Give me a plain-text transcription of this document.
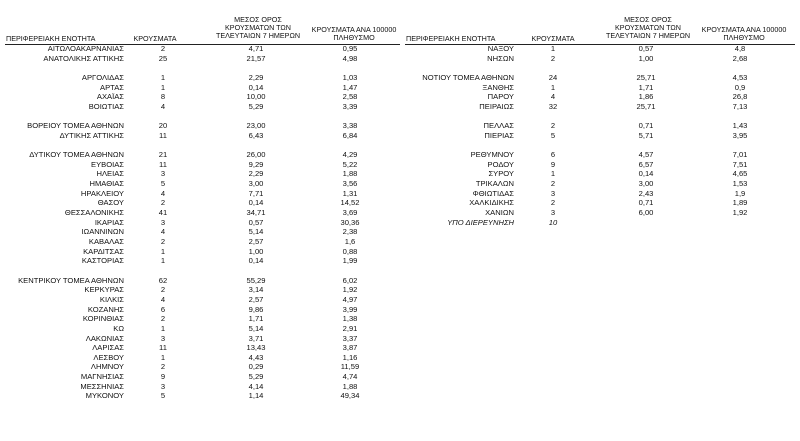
ΠΕΡΙΦΕΡΕΙΑΚΗ ΕΝΟΤΗΤΑ	ΚΡΟΥΣΜΑΤΑ
ΜΕΣΟΣ ΟΡΟΣ ΚΡΟΥΣΜΑΤΩΝ ΤΩΝ ΤΕΛΕΥΤΑΙΩΝ 7 ΗΜΕΡΩΝ
ΚΡΟΥΣΜΑΤΑ ΑΝΑ 100000 ΠΛΗΘΥΣΜΟ	ΠΕΡΙΦΕΡΕΙΑΚΗ ΕΝΟΤΗΤΑ	ΚΡΟΥΣΜΑΤΑ
ΜΕΣΟΣ ΟΡΟΣ ΚΡΟΥΣΜΑΤΩΝ ΤΩΝ ΤΕΛΕΥΤΑΙΩΝ 7 ΗΜΕΡΩΝ
ΚΡΟΥΣΜΑΤΑ ΑΝΑ 100000 ΠΛΗΘΥΣΜΟ
ΑΙΤΩΛΟΑΚΑΡΝΑΝΙΑΣ	2	4,71	0,95
ΑΝΑΤΟΛΙΚΗΣ ΑΤΤΙΚΗΣ	25	21,57	4,98
ΑΡΓΟΛΙΔΑΣ	1	2,29	1,03
ΑΡΤΑΣ	1	0,14	1,47
ΑΧΑΪΑΣ	8	10,00	2,58
ΒΟΙΩΤΙΑΣ	4	5,29	3,39
ΒΟΡΕΙΟΥ ΤΟΜΕΑ ΑΘΗΝΩΝ	20	23,00	3,38
ΔΥΤΙΚΗΣ ΑΤΤΙΚΗΣ	11	6,43	6,84
ΔΥΤΙΚΟΥ ΤΟΜΕΑ ΑΘΗΝΩΝ	21	26,00	4,29
ΕΥΒΟΙΑΣ	11	9,29	5,22
ΗΛΕΙΑΣ	3	2,29	1,88
ΗΜΑΘΙΑΣ	5	3,00	3,56
ΗΡΑΚΛΕΙΟΥ	4	7,71	1,31
ΘΑΣΟΥ	2	0,14	14,52
ΘΕΣΣΑΛΟΝΙΚΗΣ	41	34,71	3,69
ΙΚΑΡΙΑΣ	3	0,57	30,36
ΙΩΑΝΝΙΝΩΝ	4	5,14	2,38
ΚΑΒΑΛΑΣ	2	2,57	1,6
ΚΑΡΔΙΤΣΑΣ	1	1,00	0,88
ΚΑΣΤΟΡΙΑΣ	1	0,14	1,99
ΚΕΝΤΡΙΚΟΥ ΤΟΜΕΑ ΑΘΗΝΩΝ	62	55,29	6,02
ΚΕΡΚΥΡΑΣ	2	3,14	1,92
ΚΙΛΚΙΣ	4	2,57	4,97
ΚΟΖΑΝΗΣ	6	9,86	3,99
ΚΟΡΙΝΘΙΑΣ	2	1,71	1,38
ΚΩ	1	5,14	2,91
ΛΑΚΩΝΙΑΣ	3	3,71	3,37
ΛΑΡΙΣΑΣ	11	13,43	3,87
ΛΕΣΒΟΥ	1	4,43	1,16
ΛΗΜΝΟΥ	2	0,29	11,59
ΜΑΓΝΗΣΙΑΣ	9	5,29	4,74
ΜΕΣΣΗΝΙΑΣ	3	4,14	1,88
ΜΥΚΟΝΟΥ	5	1,14	49,34
ΝΑΞΟΥ	1	0,57	4,8
ΝΗΣΩΝ	2	1,00	2,68
ΝΟΤΙΟΥ ΤΟΜΕΑ ΑΘΗΝΩΝ	24	25,71	4,53
ΞΑΝΘΗΣ	1	1,71	0,9
ΠΑΡΟΥ	4	1,86	26,8
ΠΕΙΡΑΙΩΣ	32	25,71	7,13
ΠΕΛΛΑΣ	2	0,71	1,43
ΠΙΕΡΙΑΣ	5	5,71	3,95
ΡΕΘΥΜΝΟΥ	6	4,57	7,01
ΡΟΔΟΥ	9	6,57	7,51
ΣΥΡΟΥ	1	0,14	4,65
ΤΡΙΚΑΛΩΝ	2	3,00	1,53
ΦΘΙΩΤΙΔΑΣ	3	2,43	1,9
ΧΑΛΚΙΔΙΚΗΣ	2	0,71	1,89
ΧΑΝΙΩΝ	3	6,00	1,92
ΥΠΟ ΔΙΕΡΕΥΝΗΣΗ	10
